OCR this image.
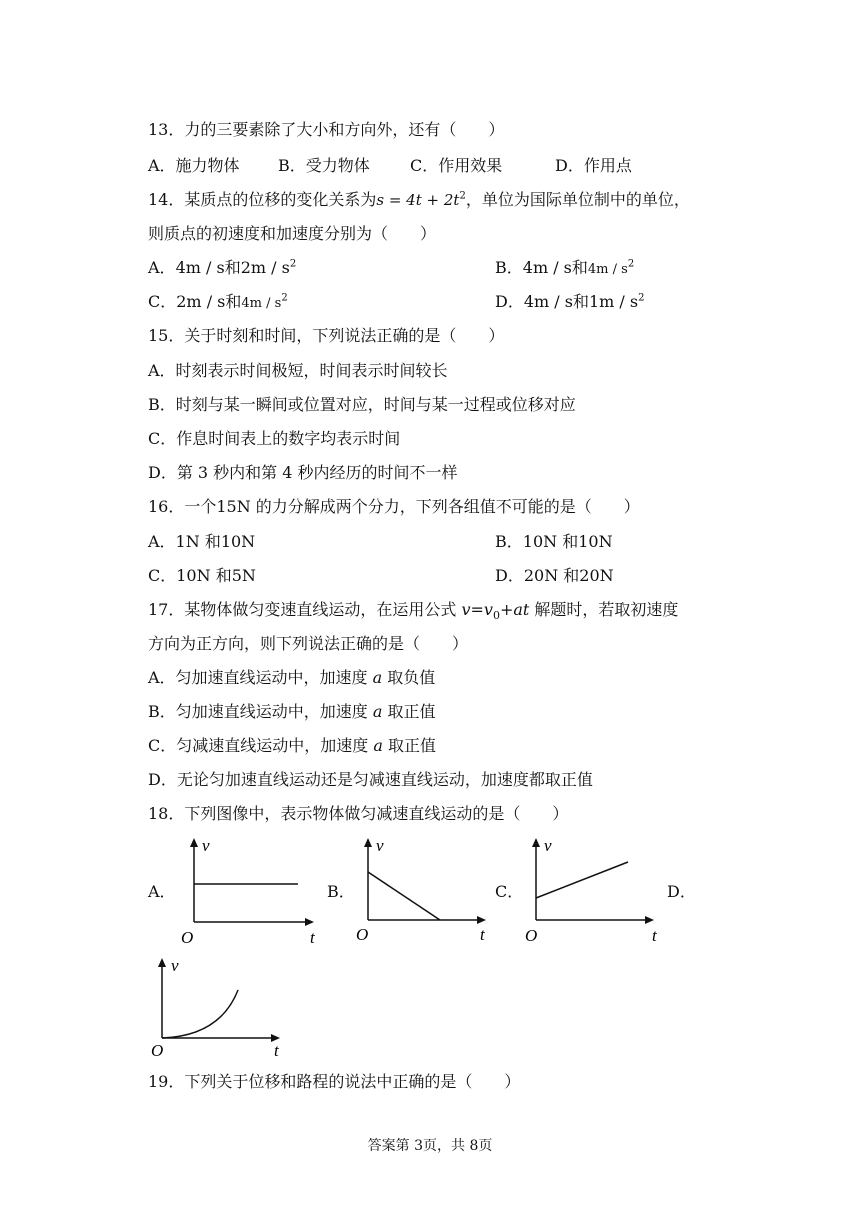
13．力的三要素除了大小和方向外，还有（　　）
A．施力物体 B．受力物体	C．作用效果	D．作用点
14．某质点的位移的变化关系为$s = 4t + 2t^2$，单位为国际单位制中的单位，
则质点的初速度和加速度分别为（　　）
A．4m / s和$2m / s^2$	B．4m / s和$4m / s^2$
C．2m / s和$4m / s^2$	D．4m / s和$1m / s^2$
15．关于时刻和时间，下列说法正确的是（　　）
A．时刻表示时间极短，时间表示时间较长
B．时刻与某一瞬间或位置对应，时间与某一过程或位移对应
C．作息时间表上的数字均表示时间
D．第 3 秒内和第 4 秒内经历的时间不一样
16．一个15N 的力分解成两个分力，下列各组值不可能的是（　　）
A．1N 和10N	B．10N 和10N
C．10N 和5N	D．20N 和20N
17．某物体做匀变速直线运动，在运用公式 $v=v_0+at$ 解题时，若取初速度
方向为正方向，则下列说法正确的是（　　）
A．匀加速直线运动中，加速度 a 取负值
B．匀加速直线运动中，加速度 a 取正值
C．匀减速直线运动中，加速度 a 取正值
D．无论匀加速直线运动还是匀减速直线运动，加速度都取正值
18．下列图像中，表示物体做匀减速直线运动的是（　　）
A．	B．	C．	D．
v
t
O
v
t
O
v
t
O
v
t
O
19．下列关于位移和路程的说法中正确的是（　　）
答案第 3页，共 8页
